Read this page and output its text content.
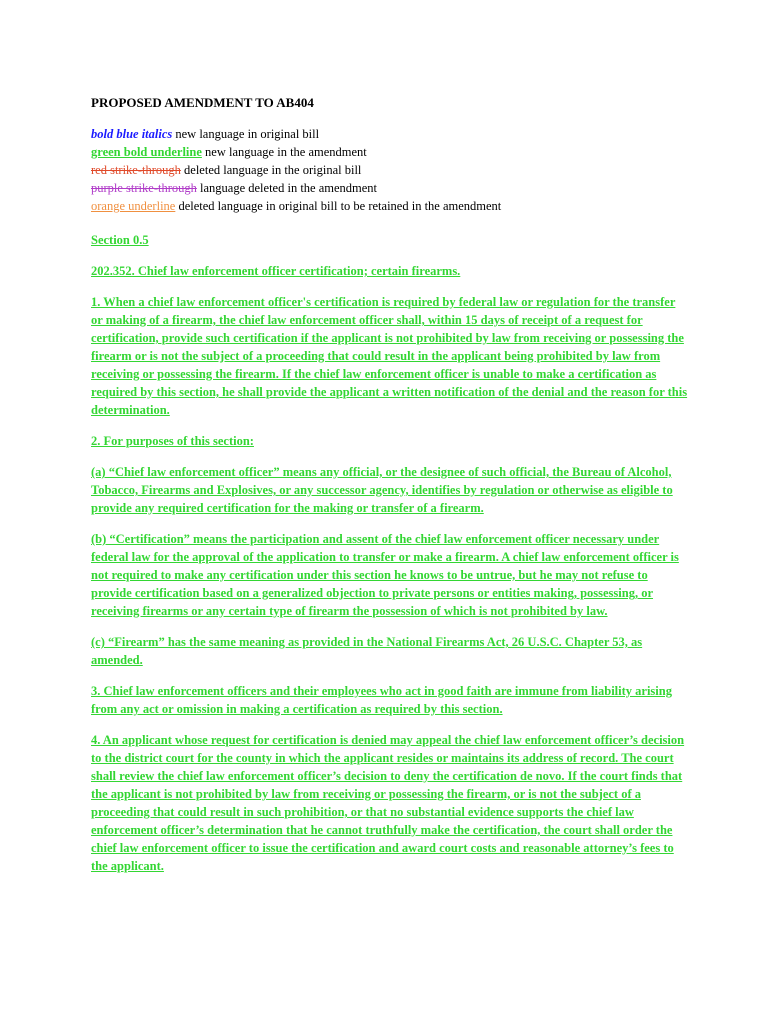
PROPOSED AMENDMENT TO AB404
bold blue italics new language in original bill
green bold underline new language in the amendment
red strike-through deleted language in the original bill
purple strike-through language deleted in the amendment
orange underline deleted language in original bill to be retained in the amendment

Section 0.5

202.352. Chief law enforcement officer certification; certain firearms.

1. When a chief law enforcement officer's certification is required by federal law or regulation for the transfer or making of a firearm, the chief law enforcement officer shall, within 15 days of receipt of a request for certification, provide such certification if the applicant is not prohibited by law from receiving or possessing the firearm or is not the subject of a proceeding that could result in the applicant being prohibited by law from receiving or possessing the firearm. If the chief law enforcement officer is unable to make a certification as required by this section, he shall provide the applicant a written notification of the denial and the reason for this determination.

2. For purposes of this section:

(a) “Chief law enforcement officer” means any official, or the designee of such official, the Bureau of Alcohol, Tobacco, Firearms and Explosives, or any successor agency, identifies by regulation or otherwise as eligible to provide any required certification for the making or transfer of a firearm.

(b) “Certification” means the participation and assent of the chief law enforcement officer necessary under federal law for the approval of the application to transfer or make a firearm. A chief law enforcement officer is not required to make any certification under this section he knows to be untrue, but he may not refuse to provide certification based on a generalized objection to private persons or entities making, possessing, or receiving firearms or any certain type of firearm the possession of which is not prohibited by law.

(c) “Firearm” has the same meaning as provided in the National Firearms Act, 26 U.S.C. Chapter 53, as amended.

3. Chief law enforcement officers and their employees who act in good faith are immune from liability arising from any act or omission in making a certification as required by this section.

4. An applicant whose request for certification is denied may appeal the chief law enforcement officer’s decision to the district court for the county in which the applicant resides or maintains its address of record. The court shall review the chief law enforcement officer’s decision to deny the certification de novo. If the court finds that the applicant is not prohibited by law from receiving or possessing the firearm, or is not the subject of a proceeding that could result in such prohibition, or that no substantial evidence supports the chief law enforcement officer’s determination that he cannot truthfully make the certification, the court shall order the chief law enforcement officer to issue the certification and award court costs and reasonable attorney’s fees to the applicant.
